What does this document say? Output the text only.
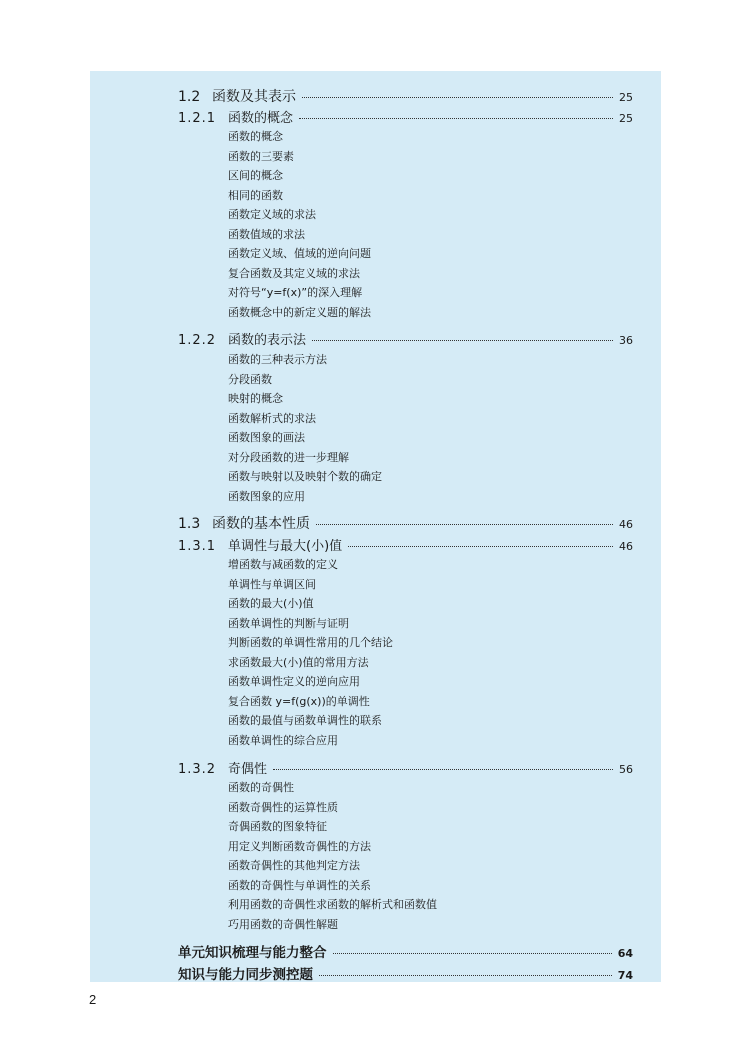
1.2 函数及其表示	25
1.2.1 函数的概念	25
函数的概念
函数的三要素
区间的概念
相同的函数
函数定义域的求法
函数值域的求法
函数定义域、值域的逆向问题
复合函数及其定义域的求法
对符号“y=f(x)”的深入理解
函数概念中的新定义题的解法
1.2.2 函数的表示法	36
函数的三种表示方法
分段函数
映射的概念
函数解析式的求法
函数图象的画法
对分段函数的进一步理解
函数与映射以及映射个数的确定
函数图象的应用
1.3 函数的基本性质	46
1.3.1 单调性与最大(小)值	46
增函数与减函数的定义
单调性与单调区间
函数的最大(小)值
函数单调性的判断与证明
判断函数的单调性常用的几个结论
求函数最大(小)值的常用方法
函数单调性定义的逆向应用
复合函数 y=f(g(x))的单调性
函数的最值与函数单调性的联系
函数单调性的综合应用
1.3.2 奇偶性	56
函数的奇偶性
函数奇偶性的运算性质
奇偶函数的图象特征
用定义判断函数奇偶性的方法
函数奇偶性的其他判定方法
函数的奇偶性与单调性的关系
利用函数的奇偶性求函数的解析式和函数值
巧用函数的奇偶性解题
单元知识梳理与能力整合	64
知识与能力同步测控题	74
2
